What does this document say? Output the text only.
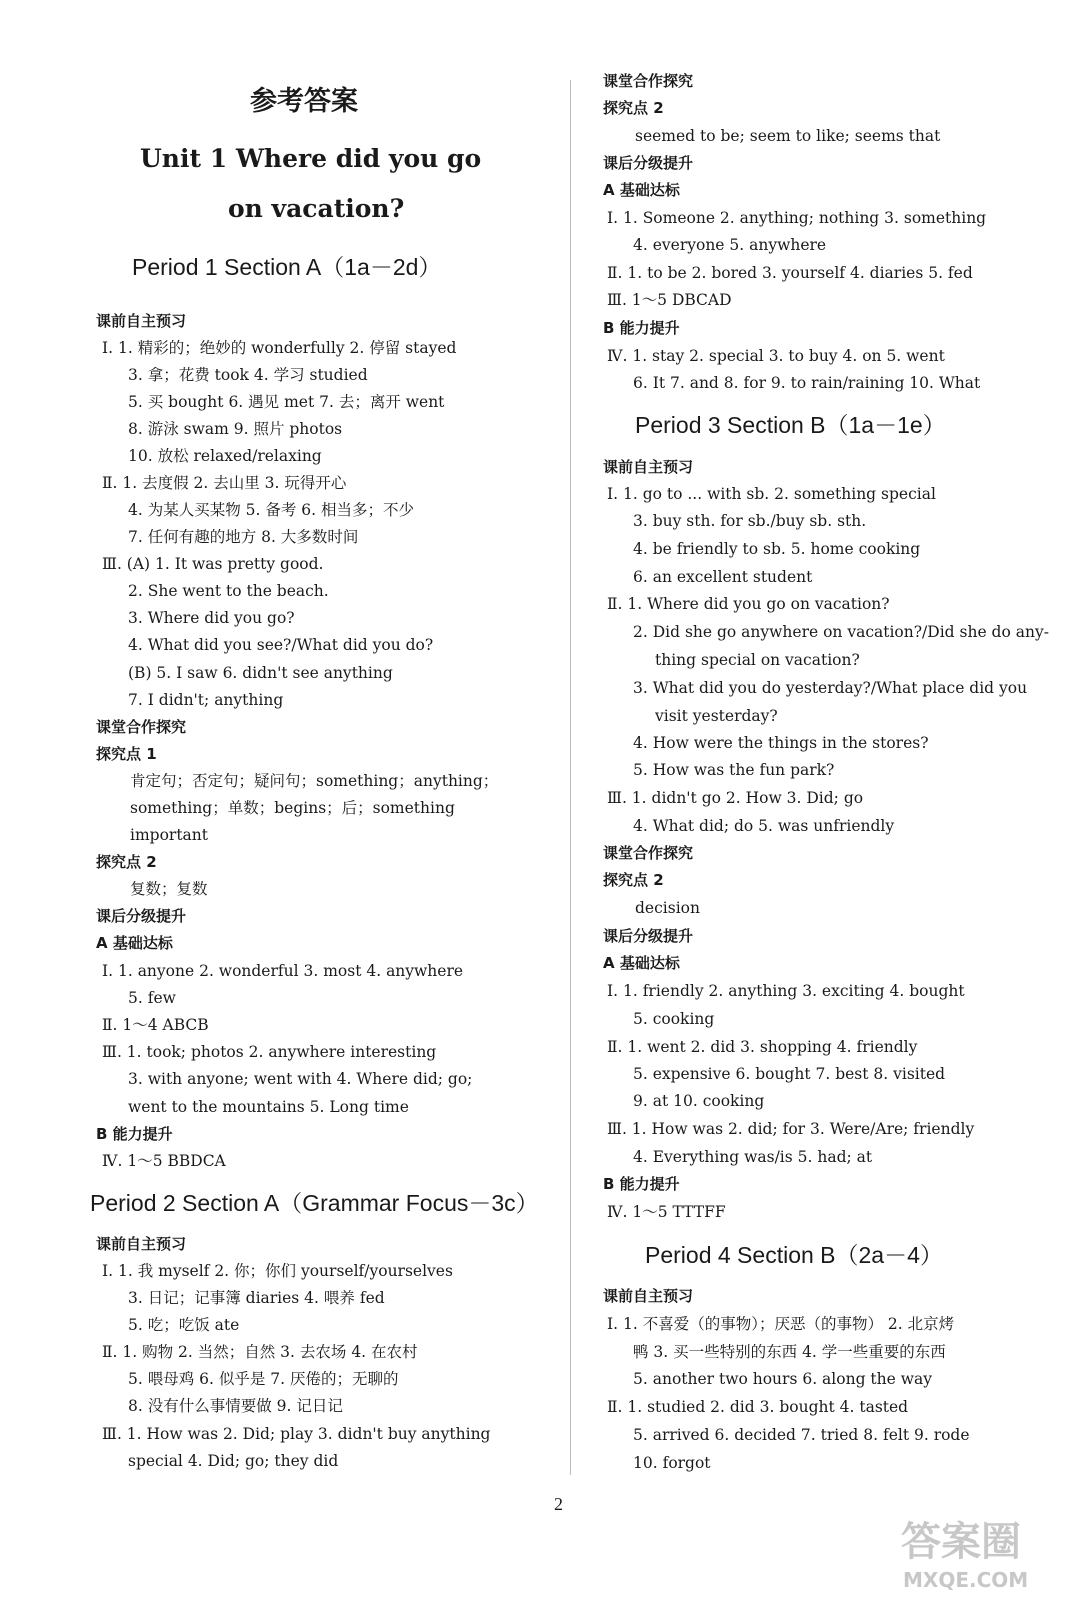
参考答案
Unit 1 Where did you go
on vacation?
Period 1 Section A（1a－2d）
课前自主预习
Ⅰ. 1. 精彩的；绝妙的 wonderfully 2. 停留 stayed
3. 拿；花费 took 4. 学习 studied
5. 买 bought 6. 遇见 met 7. 去；离开 went
8. 游泳 swam 9. 照片 photos
10. 放松 relaxed/relaxing
Ⅱ. 1. 去度假 2. 去山里 3. 玩得开心
4. 为某人买某物 5. 备考 6. 相当多；不少
7. 任何有趣的地方 8. 大多数时间
Ⅲ. (A) 1. It was pretty good.
2. She went to the beach.
3. Where did you go?
4. What did you see?/What did you do?
(B) 5. I saw 6. didn't see anything
7. I didn't; anything
课堂合作探究
探究点 1
肯定句；否定句；疑问句；something；anything；
something；单数；begins；后；something
important
探究点 2
复数；复数
课后分级提升
A 基础达标
Ⅰ. 1. anyone 2. wonderful 3. most 4. anywhere
5. few
Ⅱ. 1～4 ABCB
Ⅲ. 1. took; photos 2. anywhere interesting
3. with anyone; went with 4. Where did; go;
went to the mountains 5. Long time
B 能力提升
Ⅳ. 1～5 BBDCA
Period 2 Section A（Grammar Focus－3c）
课前自主预习
Ⅰ. 1. 我 myself 2. 你；你们 yourself/yourselves
3. 日记；记事簿 diaries 4. 喂养 fed
5. 吃；吃饭 ate
Ⅱ. 1. 购物 2. 当然；自然 3. 去农场 4. 在农村
5. 喂母鸡 6. 似乎是 7. 厌倦的；无聊的
8. 没有什么事情要做 9. 记日记
Ⅲ. 1. How was 2. Did; play 3. didn't buy anything
special 4. Did; go; they did
课堂合作探究
探究点 2
seemed to be; seem to like; seems that
课后分级提升
A 基础达标
Ⅰ. 1. Someone 2. anything; nothing 3. something
4. everyone 5. anywhere
Ⅱ. 1. to be 2. bored 3. yourself 4. diaries 5. fed
Ⅲ. 1～5 DBCAD
B 能力提升
Ⅳ. 1. stay 2. special 3. to buy 4. on 5. went
6. It 7. and 8. for 9. to rain/raining 10. What
Period 3 Section B（1a－1e）
课前自主预习
Ⅰ. 1. go to ... with sb. 2. something special
3. buy sth. for sb./buy sb. sth.
4. be friendly to sb. 5. home cooking
6. an excellent student
Ⅱ. 1. Where did you go on vacation?
2. Did she go anywhere on vacation?/Did she do any-
thing special on vacation?
3. What did you do yesterday?/What place did you
visit yesterday?
4. How were the things in the stores?
5. How was the fun park?
Ⅲ. 1. didn't go 2. How 3. Did; go
4. What did; do 5. was unfriendly
课堂合作探究
探究点 2
decision
课后分级提升
A 基础达标
Ⅰ. 1. friendly 2. anything 3. exciting 4. bought
5. cooking
Ⅱ. 1. went 2. did 3. shopping 4. friendly
5. expensive 6. bought 7. best 8. visited
9. at 10. cooking
Ⅲ. 1. How was 2. did; for 3. Were/Are; friendly
4. Everything was/is 5. had; at
B 能力提升
Ⅳ. 1～5 TTTFF
Period 4 Section B（2a－4）
课前自主预习
Ⅰ. 1. 不喜爱（的事物）；厌恶（的事物） 2. 北京烤
鸭 3. 买一些特别的东西 4. 学一些重要的东西
5. another two hours 6. along the way
Ⅱ. 1. studied 2. did 3. bought 4. tasted
5. arrived 6. decided 7. tried 8. felt 9. rode
10. forgot
2
答案圈
MXQE.COM
